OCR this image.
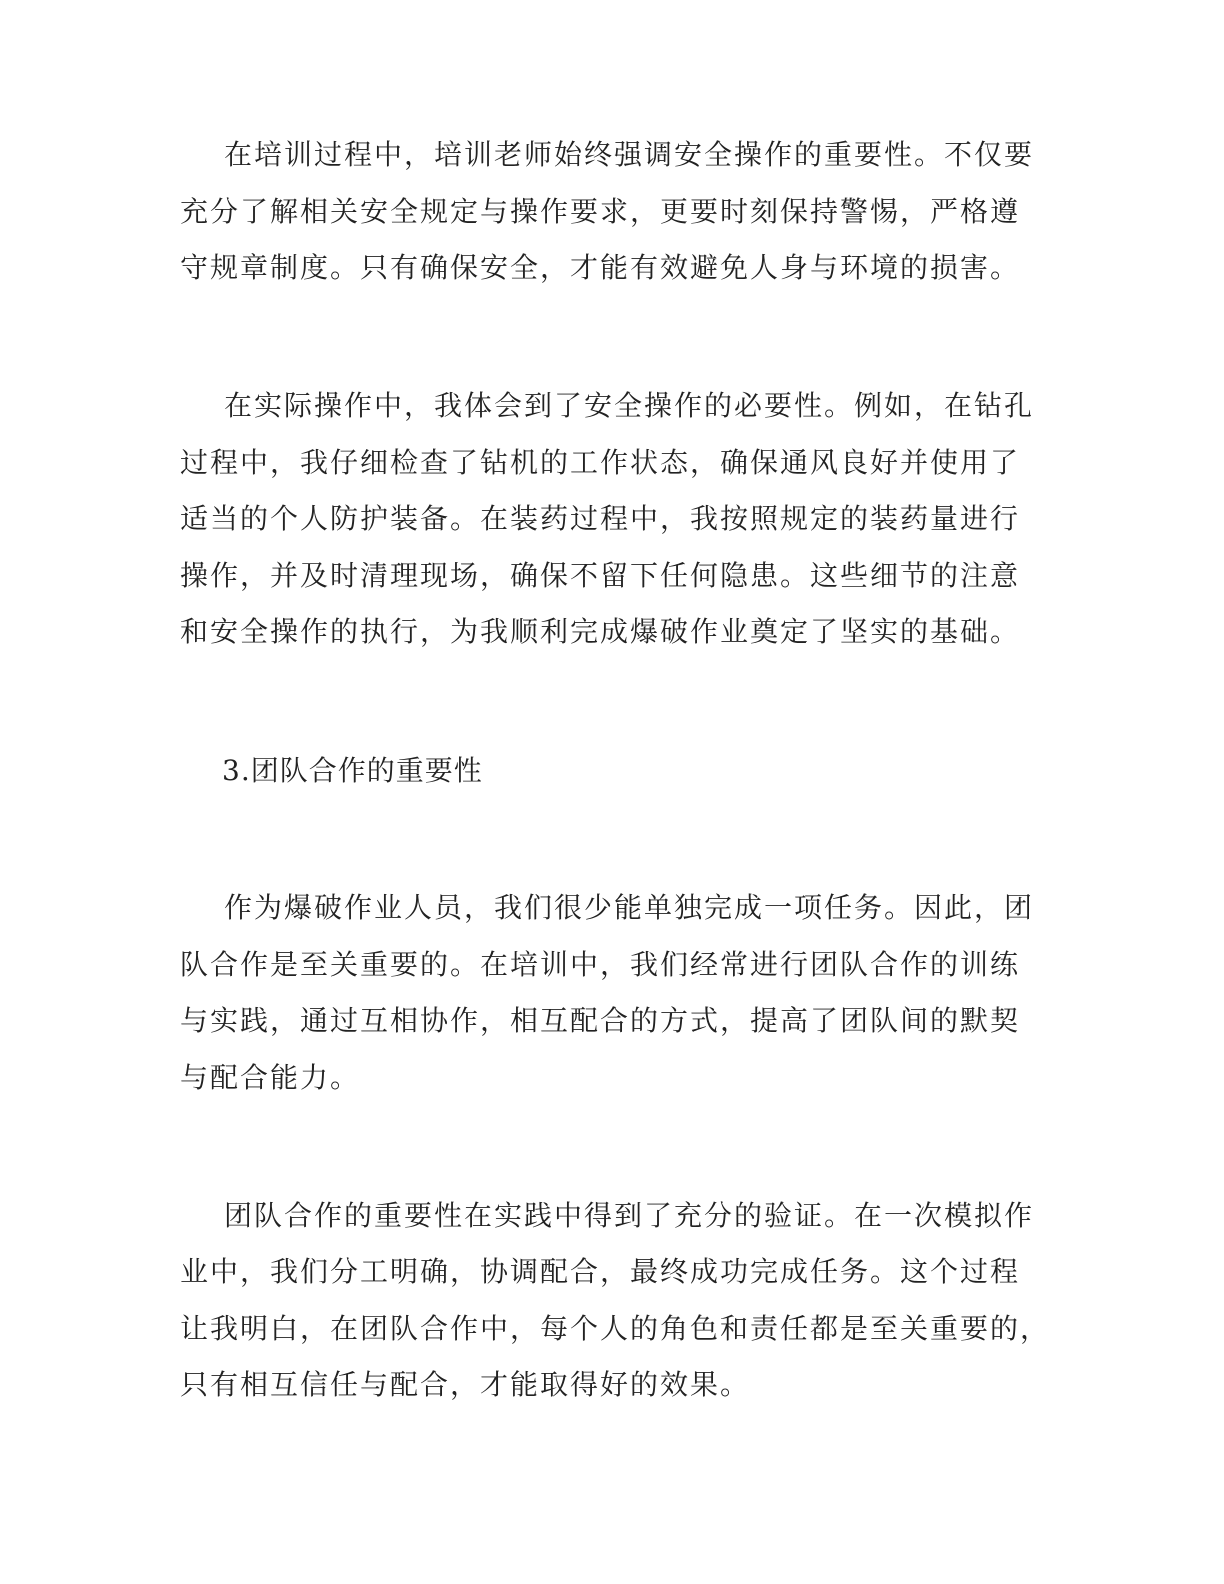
在培训过程中，培训老师始终强调安全操作的重要性。不仅要
充分了解相关安全规定与操作要求，更要时刻保持警惕，严格遵
守规章制度。只有确保安全，才能有效避免人身与环境的损害。
在实际操作中，我体会到了安全操作的必要性。例如，在钻孔
过程中，我仔细检查了钻机的工作状态，确保通风良好并使用了
适当的个人防护装备。在装药过程中，我按照规定的装药量进行
操作，并及时清理现场，确保不留下任何隐患。这些细节的注意
和安全操作的执行，为我顺利完成爆破作业奠定了坚实的基础。
3.团队合作的重要性
作为爆破作业人员，我们很少能单独完成一项任务。因此，团
队合作是至关重要的。在培训中，我们经常进行团队合作的训练
与实践，通过互相协作，相互配合的方式，提高了团队间的默契
与配合能力。
团队合作的重要性在实践中得到了充分的验证。在一次模拟作
业中，我们分工明确，协调配合，最终成功完成任务。这个过程
让我明白，在团队合作中，每个人的角色和责任都是至关重要的，
只有相互信任与配合，才能取得好的效果。
